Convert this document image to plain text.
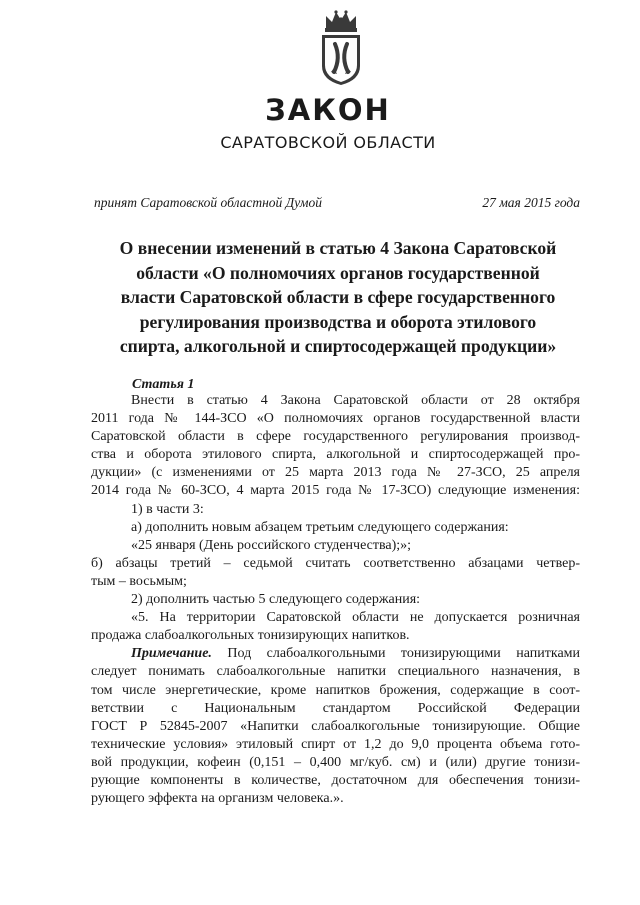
ЗАКОН
САРАТОВСКОЙ ОБЛАСТИ
принят Саратовской областной Думой	27 мая 2015 года
О внесении изменений в статью 4 Закона Саратовской
области «О полномочиях органов государственной
власти Саратовской области в сфере государственного
регулирования производства и оборота этилового
спирта, алкогольной и спиртосодержащей продукции»
Статья 1
Внести в статью 4 Закона Саратовской области от 28 октября
2011 года № 144-ЗСО «О полномочиях органов государственной власти
Саратовской области в сфере государственного регулирования производ-
ства и оборота этилового спирта, алкогольной и спиртосодержащей про-
дукции» (с изменениями от 25 марта 2013 года № 27-ЗСО, 25 апреля
2014 года № 60-ЗСО, 4 марта 2015 года № 17-ЗСО) следующие изменения:
1) в части 3:
а) дополнить новым абзацем третьим следующего содержания:
«25 января (День российского студенчества);»;
б) абзацы третий – седьмой считать соответственно абзацами четвер-
тым – восьмым;
2) дополнить частью 5 следующего содержания:
«5. На территории Саратовской области не допускается розничная
продажа слабоалкогольных тонизирующих напитков.
Примечание. Под слабоалкогольными тонизирующими напитками
следует понимать слабоалкогольные напитки специального назначения, в
том числе энергетические, кроме напитков брожения, содержащие в соот-
ветствии с Национальным стандартом Российской Федерации
ГОСТ Р 52845-2007 «Напитки слабоалкогольные тонизирующие. Общие
технические условия» этиловый спирт от 1,2 до 9,0 процента объема гото-
вой продукции, кофеин (0,151 – 0,400 мг/куб. см) и (или) другие тонизи-
рующие компоненты в количестве, достаточном для обеспечения тонизи-
рующего эффекта на организм человека.».
